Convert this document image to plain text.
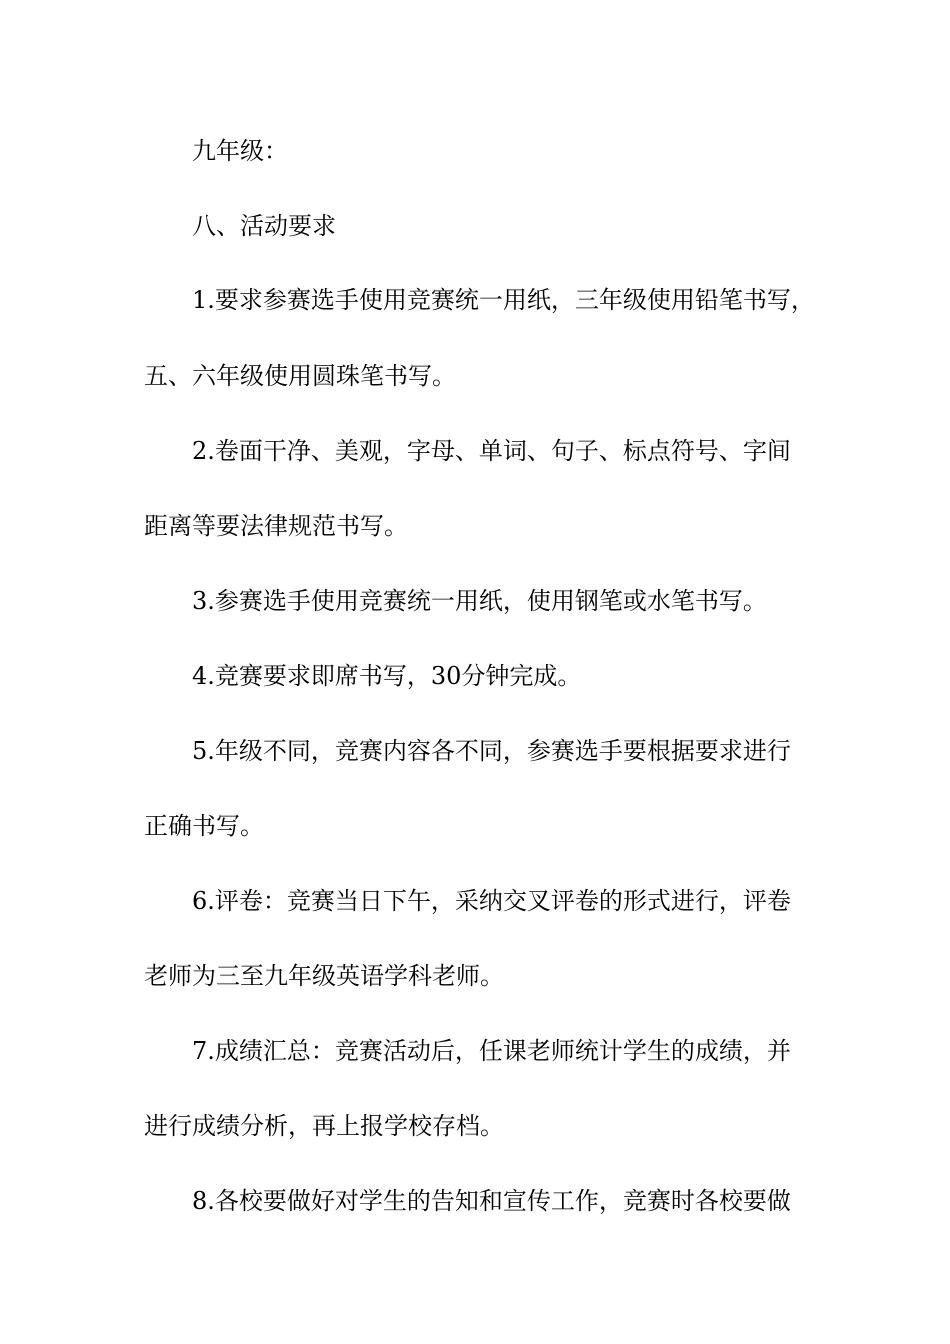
九年级：
八、活动要求
1.要求参赛选手使用竞赛统一用纸，三年级使用铅笔书写，
五、六年级使用圆珠笔书写。
2.卷面干净、美观，字母、单词、句子、标点符号、字间
距离等要法律规范书写。
3.参赛选手使用竞赛统一用纸，使用钢笔或水笔书写。
4.竞赛要求即席书写，30分钟完成。
5.年级不同，竞赛内容各不同，参赛选手要根据要求进行
正确书写。
6.评卷：竞赛当日下午，采纳交叉评卷的形式进行，评卷
老师为三至九年级英语学科老师。
7.成绩汇总：竞赛活动后，任课老师统计学生的成绩，并
进行成绩分析，再上报学校存档。
8.各校要做好对学生的告知和宣传工作，竞赛时各校要做
